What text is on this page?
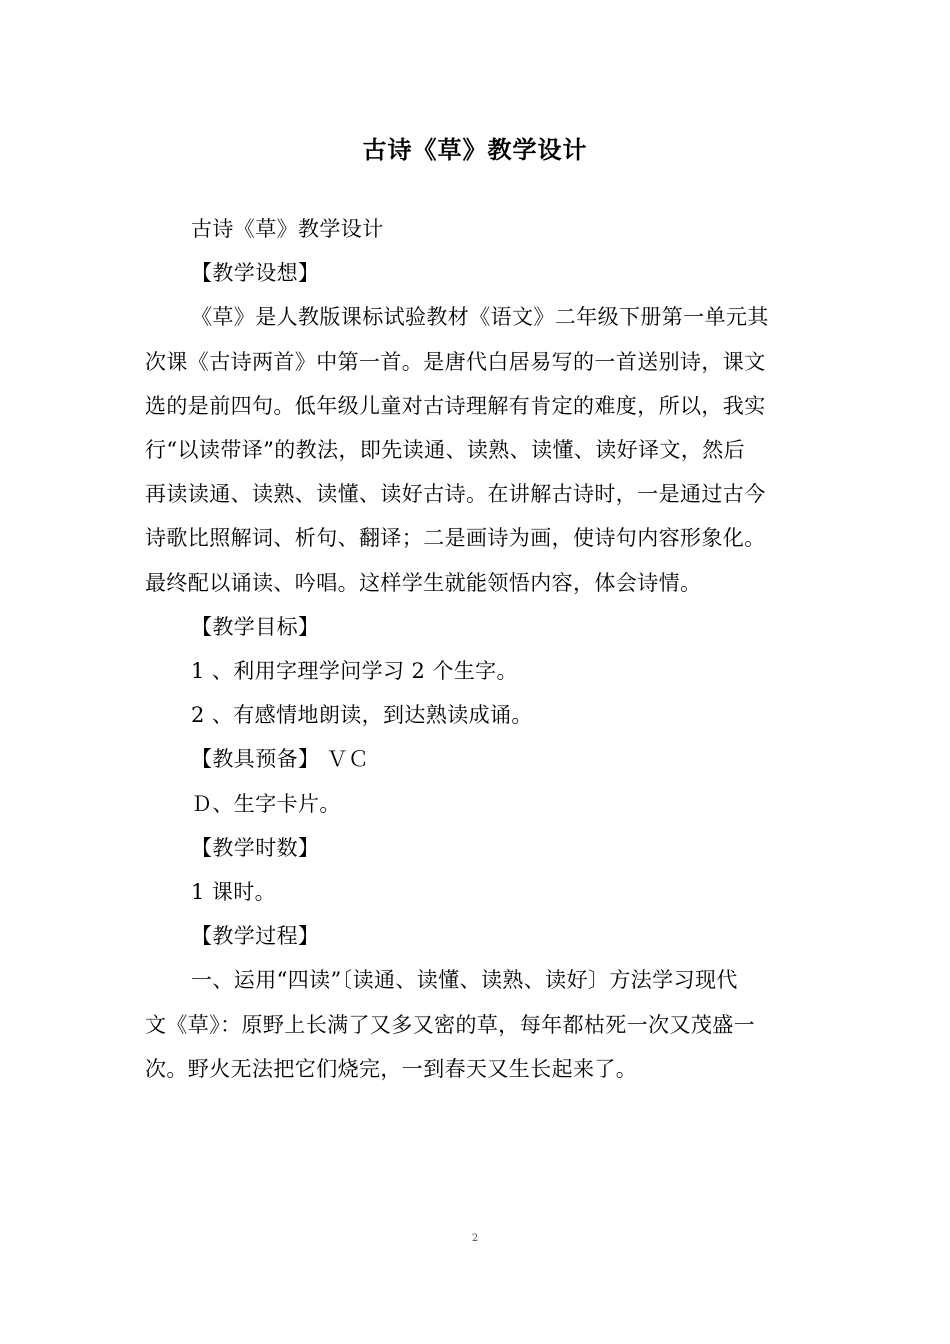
古诗《草》教学设计
古诗《草》教学设计
【教学设想】
《草》是人教版课标试验教材《语文》二年级下册第一单元其
次课《古诗两首》中第一首。是唐代白居易写的一首送别诗，课文
选的是前四句。低年级儿童对古诗理解有肯定的难度，所以，我实
行“以读带译”的教法，即先读通、读熟、读懂、读好译文，然后
再读读通、读熟、读懂、读好古诗。在讲解古诗时，一是通过古今
诗歌比照解词、析句、翻译；二是画诗为画，使诗句内容形象化。
最终配以诵读、吟唱。这样学生就能领悟内容，体会诗情。
【教学目标】
1 、利用字理学问学习 2 个生字。
2 、有感情地朗读，到达熟读成诵。
【教具预备】 ＶＣ
Ｄ、生字卡片。
【教学时数】
1 课时。
【教学过程】
一、运用“四读”〔读通、读懂、读熟、读好〕方法学习现代
文《草》：原野上长满了又多又密的草，每年都枯死一次又茂盛一
次。野火无法把它们烧完，一到春天又生长起来了。
2
